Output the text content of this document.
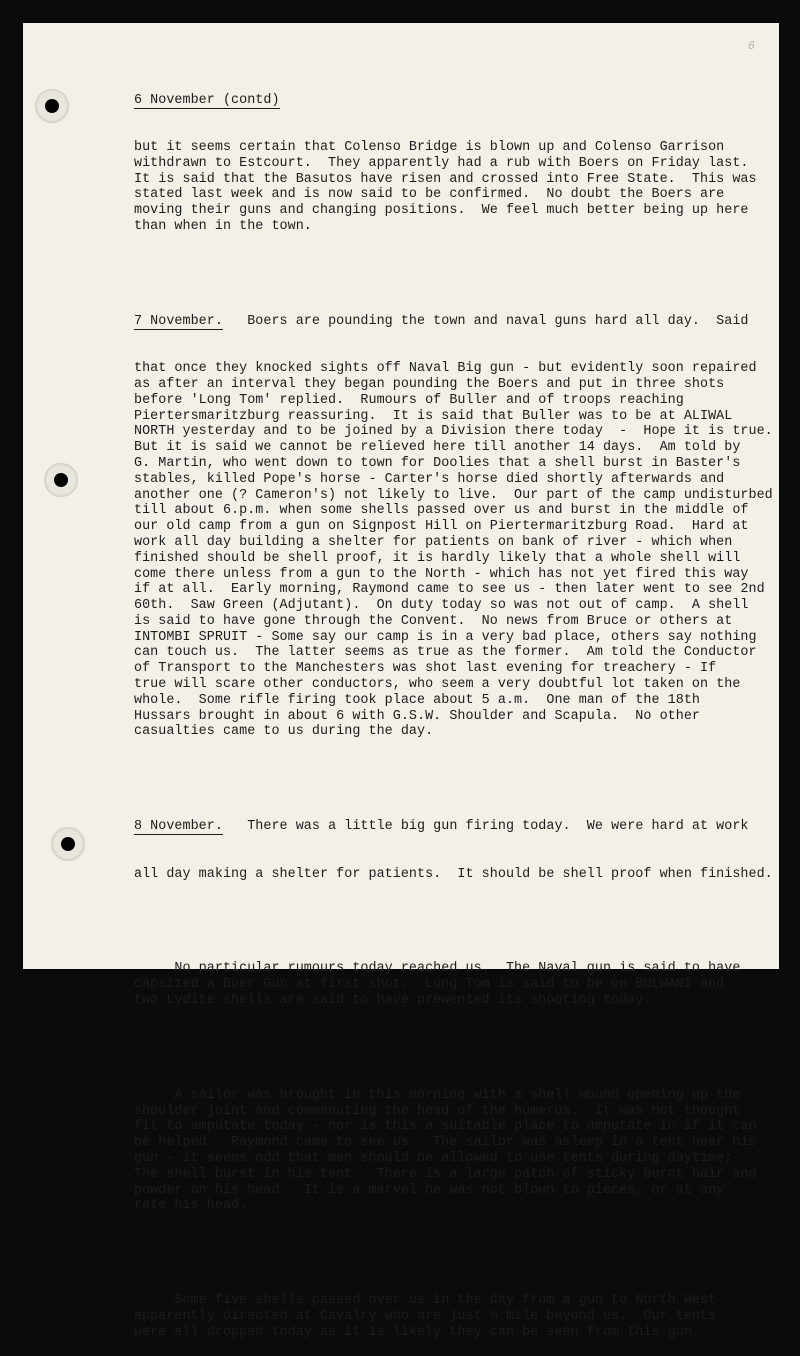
6

6 November (contd)

but it seems certain that Colenso Bridge is blown up and Colenso Garrison
withdrawn to Estcourt.  They apparently had a rub with Boers on Friday last.
It is said that the Basutos have risen and crossed into Free State.  This was
stated last week and is now said to be confirmed.  No doubt the Boers are
moving their guns and changing positions.  We feel much better being up here
than when in the town.

7 November.   Boers are pounding the town and naval guns hard all day.  Said

that once they knocked sights off Naval Big gun - but evidently soon repaired
as after an interval they began pounding the Boers and put in three shots
before 'Long Tom' replied.  Rumours of Buller and of troops reaching
Piertersmaritzburg reassuring.  It is said that Buller was to be at ALIWAL
NORTH yesterday and to be joined by a Division there today  -  Hope it is true.
But it is said we cannot be relieved here till another 14 days.  Am told by
G. Martin, who went down to town for Doolies that a shell burst in Baster's
stables, killed Pope's horse - Carter's horse died shortly afterwards and
another one (? Cameron's) not likely to live.  Our part of the camp undisturbed
till about 6.p.m. when some shells passed over us and burst in the middle of
our old camp from a gun on Signpost Hill on Piertermaritzburg Road.  Hard at
work all day building a shelter for patients on bank of river - which when
finished should be shell proof, it is hardly likely that a whole shell will
come there unless from a gun to the North - which has not yet fired this way
if at all.  Early morning, Raymond came to see us - then later went to see 2nd
60th.  Saw Green (Adjutant).  On duty today so was not out of camp.  A shell
is said to have gone through the Convent.  No news from Bruce or others at
INTOMBI SPRUIT - Some say our camp is in a very bad place, others say nothing
can touch us.  The latter seems as true as the former.  Am told the Conductor
of Transport to the Manchesters was shot last evening for treachery - If
true will scare other conductors, who seem a very doubtful lot taken on the
whole.  Some rifle firing took place about 5 a.m.  One man of the 18th
Hussars brought in about 6 with G.S.W. Shoulder and Scapula.  No other
casualties came to us during the day.

8 November.   There was a little big gun firing today.  We were hard at work

all day making a shelter for patients.  It should be shell proof when finished.

No particular rumours today reached us.  The Naval gun is said to have
capsized a Boer Gun at first shot.  Long Tom is said to be on BULWANI and
two Lydite shells are said to have prewented its shooting today.

A sailor was brought in this morning with a shell wound opening up the
shoulder joint and commenuting the head of the humerus.  It was not thought
fit to amputate today - nor is this a suitable place to amputate in if it can
be helped.  Raymond came to see us.  The sailor was asleep in a tent near his
gun - it seems odd that men should be allowed to use tents during daytime;
The shell burst in his tent.  There is a large patch of sticky burnt hair and
powder on his head.  It is a marvel he was not blown to pieces, or at any
rate his head.

Some five shells passed over us in the day from a gun to North West -
apparently directed at Cavalry who are just ¼ mile beyond us.  Our tents
were all dropped today as it is likely they can be seen from this gun.
